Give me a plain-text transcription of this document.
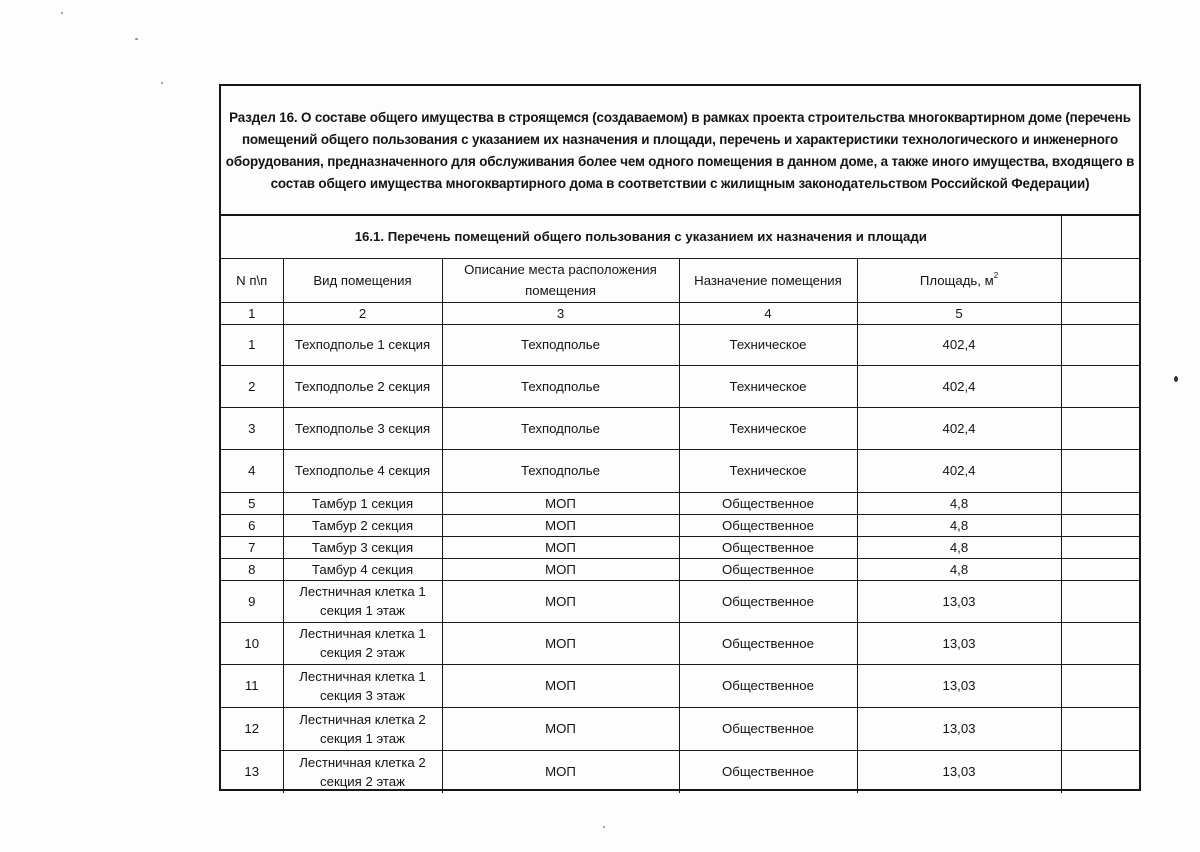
Раздел 16. О составе общего имущества в строящемся (создаваемом) в рамках проекта строительства многоквартирном доме (перечень помещений общего пользования с указанием их назначения и площади, перечень и характеристики технологического и инженерного оборудования, предназначенного для обслуживания более чем одного помещения в данном доме, а также иного имущества, входящего в состав общего имущества многоквартирного дома в соответствии с жилищным законодательством Российской Федерации)
16.1. Перечень помещений общего пользования с указанием их назначения и площади					
N п\п	Вид помещения	Описание места расположения помещения	Назначение помещения	Площадь, $м^2$	
1	2	3	4	5	
1	Техподполье 1 секция	Техподполье	Техническое	402,4	
2	Техподполье 2 секция	Техподполье	Техническое	402,4	
3	Техподполье 3 секция	Техподполье	Техническое	402,4	
4	Техподполье 4 секция	Техподполье	Техническое	402,4	
5	Тамбур 1 секция	МОП	Общественное	4,8	
6	Тамбур 2 секция	МОП	Общественное	4,8	
7	Тамбур 3 секция	МОП	Общественное	4,8	
8	Тамбур 4 секция	МОП	Общественное	4,8	
9	Лестничная клетка 1 секция 1 этаж	МОП	Общественное	13,03	
10	Лестничная клетка 1 секция 2 этаж	МОП	Общественное	13,03	
11	Лестничная клетка 1 секция 3 этаж	МОП	Общественное	13,03	
12	Лестничная клетка 2 секция 1 этаж	МОП	Общественное	13,03	
13	Лестничная клетка 2 секция 2 этаж	МОП	Общественное	13,03	
